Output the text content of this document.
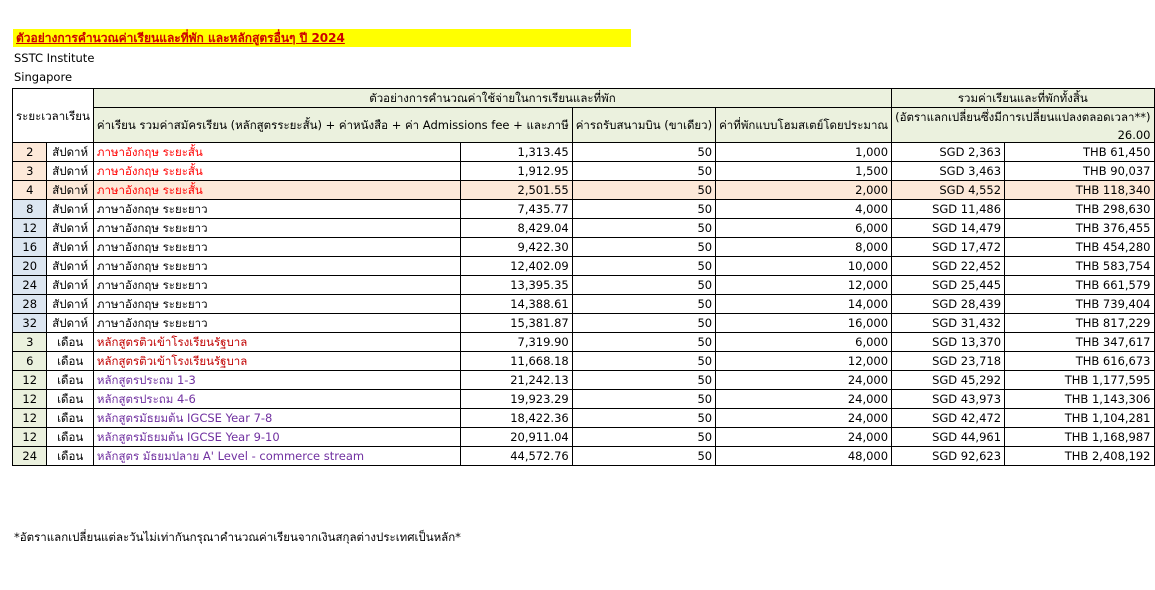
ตัวอย่างการคำนวณค่าเรียนและที่พัก และหลักสูตรอื่นๆ ปี 2024
SSTC Institute
Singapore
ระยะเวลาเรียน		ตัวอย่างการคำนวณค่าใช้จ่ายในการเรียนและที่พัก				รวมค่าเรียนและที่พักทั้งสิ้น	
		ค่าเรียน รวมค่าสมัครเรียน (หลักสูตรระยะสั้น) + ค่าหนังสือ + ค่า Admissions fee + และภาษี		ค่ารถรับสนามบิน (ขาเดียว)	ค่าที่พักแบบโฮมสเตย์โดยประมาณ	(อัตราแลกเปลี่ยนซึ่งมีการเปลี่ยนแปลงตลอดเวลา**)
26.00	

2	สัปดาห์	ภาษาอังกฤษ ระยะสั้น	1,313.45	50	1,000	SGD 2,363	THB 61,450
3	สัปดาห์	ภาษาอังกฤษ ระยะสั้น	1,912.95	50	1,500	SGD 3,463	THB 90,037
4	สัปดาห์	ภาษาอังกฤษ ระยะสั้น	2,501.55	50	2,000	SGD 4,552	THB 118,340
8	สัปดาห์	ภาษาอังกฤษ ระยะยาว	7,435.77	50	4,000	SGD 11,486	THB 298,630
12	สัปดาห์	ภาษาอังกฤษ ระยะยาว	8,429.04	50	6,000	SGD 14,479	THB 376,455
16	สัปดาห์	ภาษาอังกฤษ ระยะยาว	9,422.30	50	8,000	SGD 17,472	THB 454,280
20	สัปดาห์	ภาษาอังกฤษ ระยะยาว	12,402.09	50	10,000	SGD 22,452	THB 583,754
24	สัปดาห์	ภาษาอังกฤษ ระยะยาว	13,395.35	50	12,000	SGD 25,445	THB 661,579
28	สัปดาห์	ภาษาอังกฤษ ระยะยาว	14,388.61	50	14,000	SGD 28,439	THB 739,404
32	สัปดาห์	ภาษาอังกฤษ ระยะยาว	15,381.87	50	16,000	SGD 31,432	THB 817,229
3	เดือน	หลักสูตรติวเข้าโรงเรียนรัฐบาล	7,319.90	50	6,000	SGD 13,370	THB 347,617
6	เดือน	หลักสูตรติวเข้าโรงเรียนรัฐบาล	11,668.18	50	12,000	SGD 23,718	THB 616,673
12	เดือน	หลักสูตรประถม 1-3	21,242.13	50	24,000	SGD 45,292	THB 1,177,595
12	เดือน	หลักสูตรประถม 4-6	19,923.29	50	24,000	SGD 43,973	THB 1,143,306
12	เดือน	หลักสูตรมัธยมต้น IGCSE Year 7-8	18,422.36	50	24,000	SGD 42,472	THB 1,104,281
12	เดือน	หลักสูตรมัธยมต้น IGCSE Year 9-10	20,911.04	50	24,000	SGD 44,961	THB 1,168,987
24	เดือน	หลักสูตร มัธยมปลาย A' Level - commerce stream	44,572.76	50	48,000	SGD 92,623	THB 2,408,192
*อัตราแลกเปลี่ยนแต่ละวันไม่เท่ากันกรุณาคำนวณค่าเรียนจากเงินสกุลต่างประเทศเป็นหลัก*
